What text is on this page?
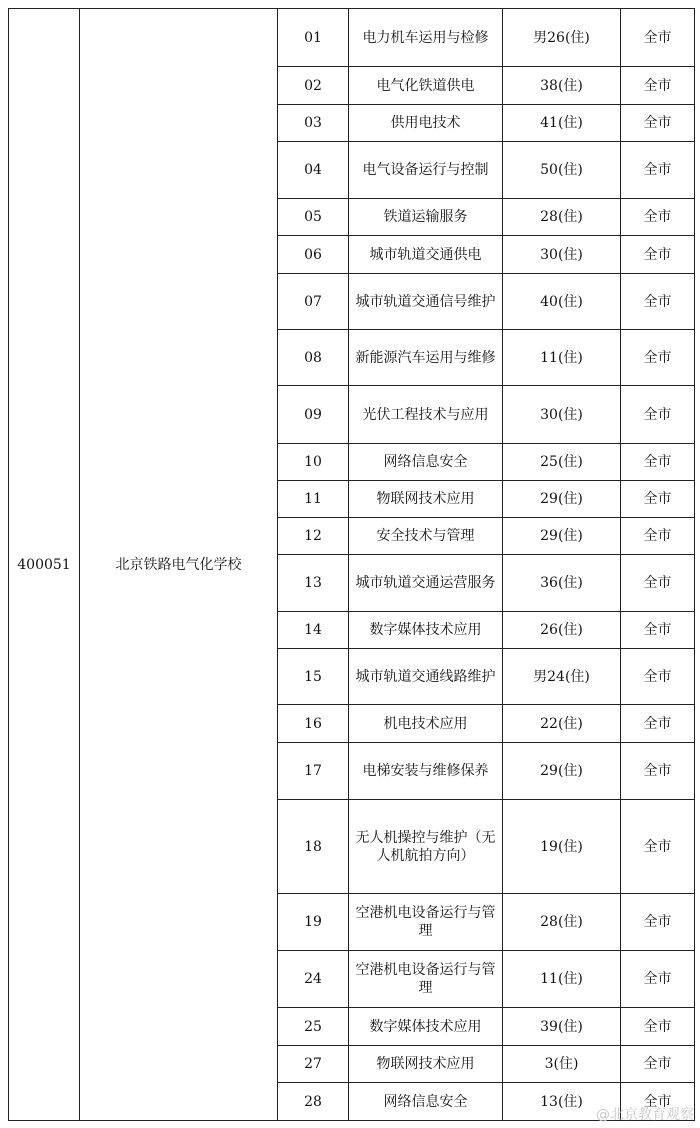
400051	北京铁路电气化学校	01	电力机车运用与检修	男26(住)	全市
		02	电气化铁道供电	38(住)	全市
		03	供用电技术	41(住)	全市
		04	电气设备运行与控制	50(住)	全市
		05	铁道运输服务	28(住)	全市
		06	城市轨道交通供电	30(住)	全市
		07	城市轨道交通信号维护	40(住)	全市
		08	新能源汽车运用与维修	11(住)	全市
		09	光伏工程技术与应用	30(住)	全市
		10	网络信息安全	25(住)	全市
		11	物联网技术应用	29(住)	全市
		12	安全技术与管理	29(住)	全市
		13	城市轨道交通运营服务	36(住)	全市
		14	数字媒体技术应用	26(住)	全市
		15	城市轨道交通线路维护	男24(住)	全市
		16	机电技术应用	22(住)	全市
		17	电梯安装与维修保养	29(住)	全市
		18	无人机操控与维护（无人机航拍方向）	19(住)	全市
		19	空港机电设备运行与管理	28(住)	全市
		24	空港机电设备运行与管理	11(住)	全市
		25	数字媒体技术应用	39(住)	全市
		27	物联网技术应用	3(住)	全市
		28	网络信息安全	13(住)	全市
@北京教育观察
